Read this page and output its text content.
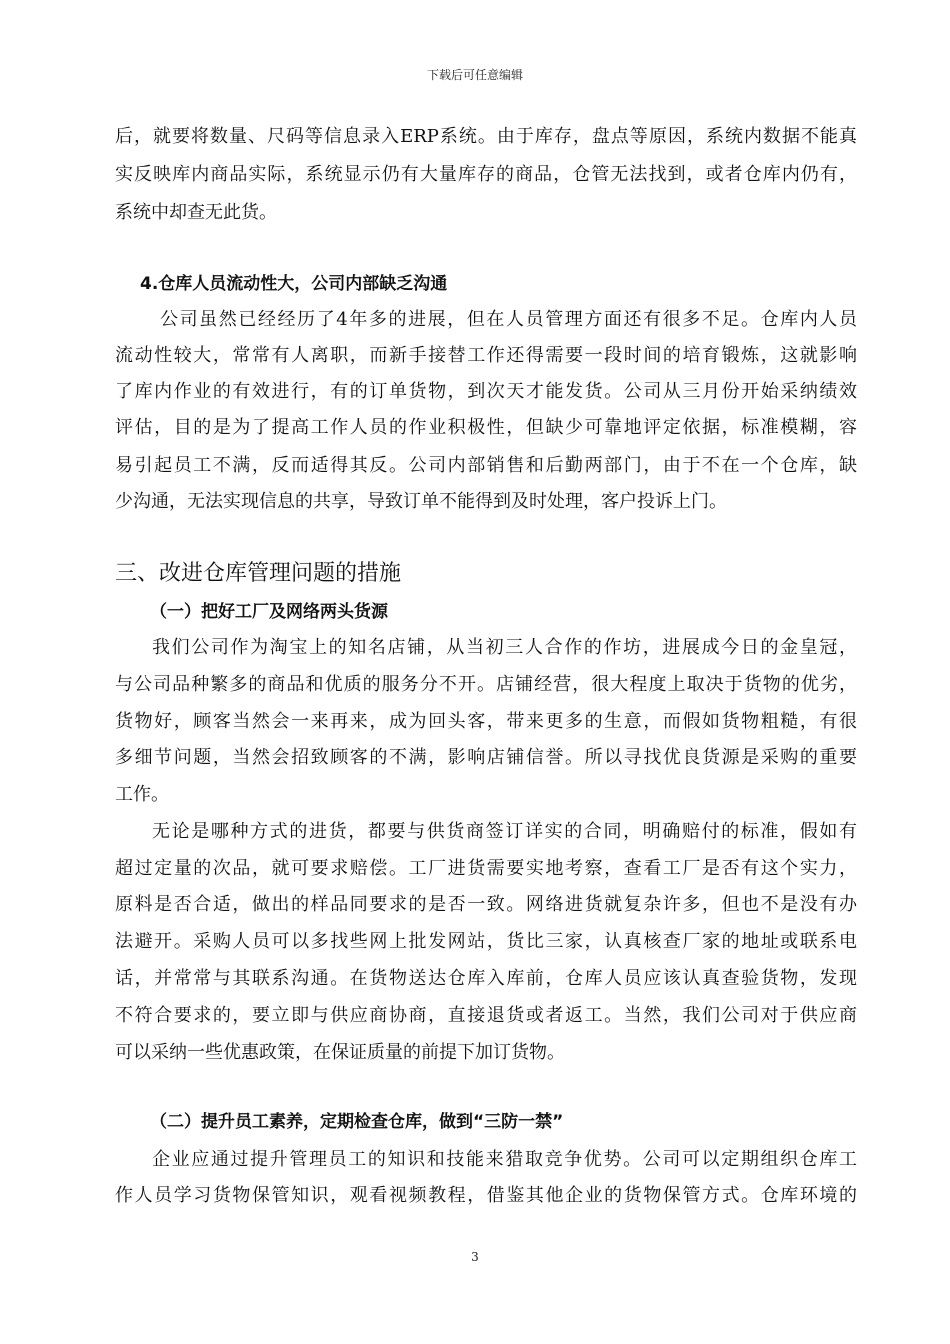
下载后可任意编辑
后，就要将数量、尺码等信息录入ERP系统。由于库存，盘点等原因，系统内数据不能真
实反映库内商品实际，系统显示仍有大量库存的商品，仓管无法找到，或者仓库内仍有，
系统中却查无此货。
4.仓库人员流动性大，公司内部缺乏沟通
公司虽然已经经历了4年多的进展，但在人员管理方面还有很多不足。仓库内人员
流动性较大，常常有人离职，而新手接替工作还得需要一段时间的培育锻炼，这就影响
了库内作业的有效进行，有的订单货物，到次天才能发货。公司从三月份开始采纳绩效
评估，目的是为了提高工作人员的作业积极性，但缺少可靠地评定依据，标准模糊，容
易引起员工不满，反而适得其反。公司内部销售和后勤两部门，由于不在一个仓库，缺
少沟通，无法实现信息的共享，导致订单不能得到及时处理，客户投诉上门。
三、改进仓库管理问题的措施
（一）把好工厂及网络两头货源
我们公司作为淘宝上的知名店铺，从当初三人合作的作坊，进展成今日的金皇冠，
与公司品种繁多的商品和优质的服务分不开。店铺经营，很大程度上取决于货物的优劣，
货物好，顾客当然会一来再来，成为回头客，带来更多的生意，而假如货物粗糙，有很
多细节问题，当然会招致顾客的不满，影响店铺信誉。所以寻找优良货源是采购的重要
工作。
无论是哪种方式的进货，都要与供货商签订详实的合同，明确赔付的标准，假如有
超过定量的次品，就可要求赔偿。工厂进货需要实地考察，查看工厂是否有这个实力，
原料是否合适，做出的样品同要求的是否一致。网络进货就复杂许多，但也不是没有办
法避开。采购人员可以多找些网上批发网站，货比三家，认真核查厂家的地址或联系电
话，并常常与其联系沟通。在货物送达仓库入库前，仓库人员应该认真查验货物，发现
不符合要求的，要立即与供应商协商，直接退货或者返工。当然，我们公司对于供应商
可以采纳一些优惠政策，在保证质量的前提下加订货物。
（二）提升员工素养，定期检查仓库，做到“三防一禁”
企业应通过提升管理员工的知识和技能来猎取竞争优势。公司可以定期组织仓库工
作人员学习货物保管知识，观看视频教程，借鉴其他企业的货物保管方式。仓库环境的
3
